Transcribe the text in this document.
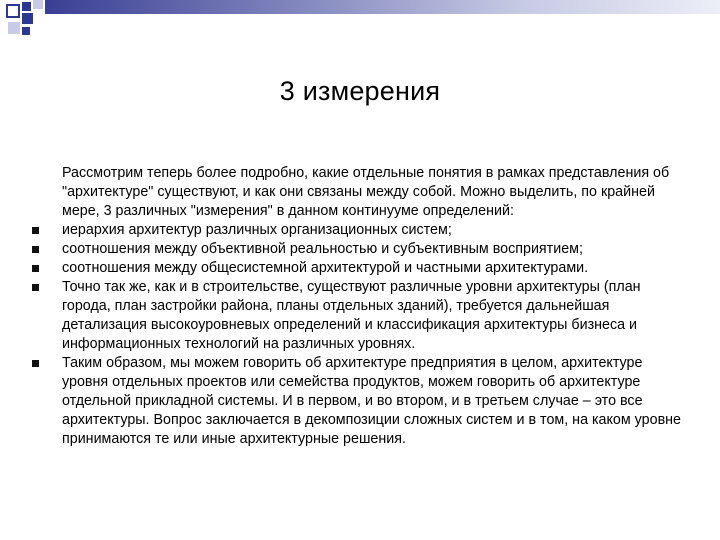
3 измерения

Рассмотрим теперь более подробно, какие отдельные понятия в рамках представления об "архитектуре" существуют, и как они связаны между собой. Можно выделить, по крайней мере, 3 различных "измерения" в данном континууме определений:

иерархия архитектур различных организационных систем;

соотношения между объективной реальностью и субъективным восприятием;

соотношения между общесистемной архитектурой и частными архитектурами.

Точно так же, как и в строительстве, существуют различные уровни архитектуры (план города, план застройки района, планы отдельных зданий), требуется дальнейшая детализация высокоуровневых определений и классификация архитектуры бизнеса и информационных технологий на различных уровнях.

Таким образом, мы можем говорить об архитектуре предприятия в целом, архитектуре уровня отдельных проектов или семейства продуктов, можем говорить об архитектуре отдельной прикладной системы. И в первом, и во втором, и в третьем случае – это все архитектуры. Вопрос заключается в декомпозиции сложных систем и в том, на каком уровне принимаются те или иные архитектурные решения.
